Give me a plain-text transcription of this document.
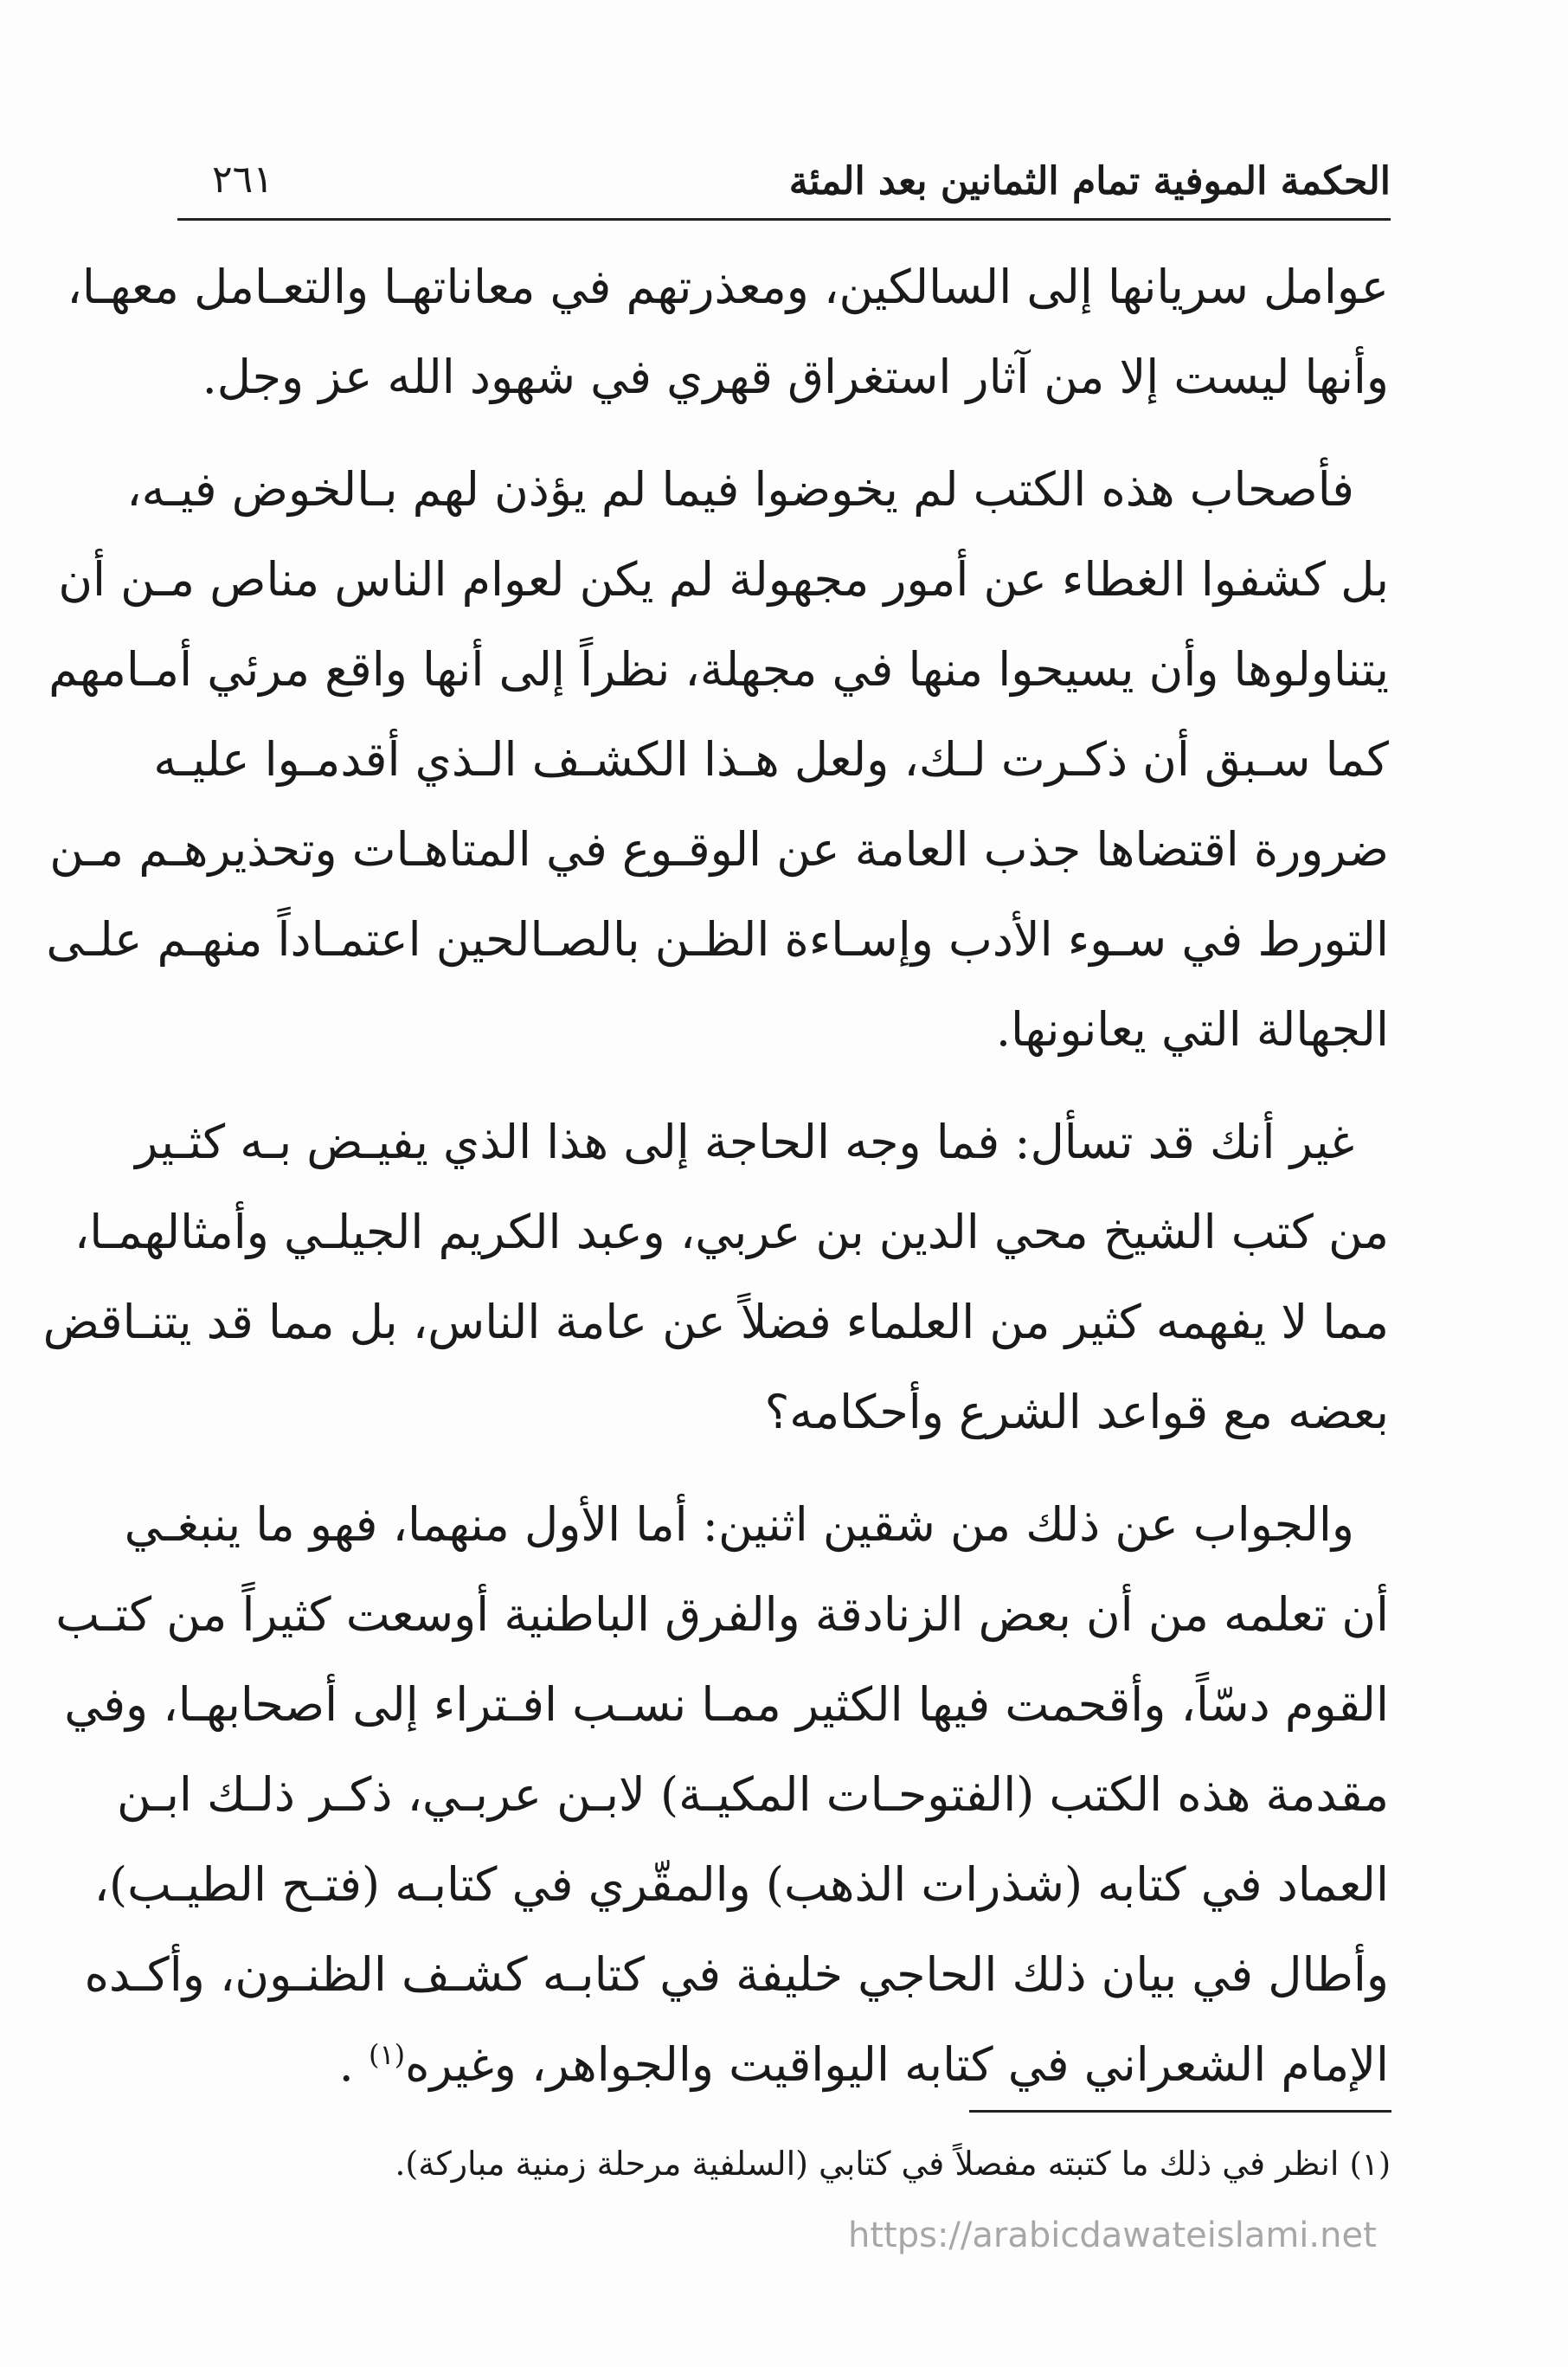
الحكمة الموفية تمام الثمانين بعد المئة
٢٦١
عوامل سريانها إلى السالكين، ومعذرتهم في معاناتهـا والتعـامل معهـا،
وأنها ليست إلا من آثار استغراق قهري في شهود الله عز وجل.
فأصحاب هذه الكتب لم يخوضوا فيما لم يؤذن لهم بـالخوض فيـه،
بل كشفوا الغطاء عن أمور مجهولة لم يكن لعوام الناس مناص مـن أن
يتناولوها وأن يسيحوا منها في مجهلة، نظراً إلى أنها واقع مرئي أمـامهم
كما سـبق أن ذكـرت لـك، ولعل هـذا الكشـف الـذي أقدمـوا عليـه
ضرورة اقتضاها جذب العامة عن الوقـوع في المتاهـات وتحذيرهـم مـن
التورط في سـوء الأدب وإسـاءة الظـن بالصـالحين اعتمـاداً منهـم علـى
الجهالة التي يعانونها.
غير أنك قد تسأل: فما وجه الحاجة إلى هذا الذي يفيـض بـه كثـير
من كتب الشيخ محي الدين بن عربي، وعبد الكريم الجيلـي وأمثالهمـا،
مما لا يفهمه كثير من العلماء فضلاً عن عامة الناس، بل مما قد يتنـاقض
بعضه مع قواعد الشرع وأحكامه؟
والجواب عن ذلك من شقين اثنين: أما الأول منهما، فهو ما ينبغـي
أن تعلمه من أن بعض الزنادقة والفرق الباطنية أوسعت كثيراً من كتـب
القوم دسّاً، وأقحمت فيها الكثير ممـا نسـب افـتراء إلى أصحابهـا، وفي
مقدمة هذه الكتب (الفتوحـات المكيـة) لابـن عربـي، ذكـر ذلـك ابـن
العماد في كتابه (شذرات الذهب) والمقّري في كتابـه (فتـح الطيـب)،
وأطال في بيان ذلك الحاجي خليفة في كتابـه كشـف الظنـون، وأكـده
الإمام الشعراني في كتابه اليواقيت والجواهر، وغيره$^{(١)}$ .
(١) انظر في ذلك ما كتبته مفصلاً في كتابي (السلفية مرحلة زمنية مباركة).
https://arabicdawateislami.net
